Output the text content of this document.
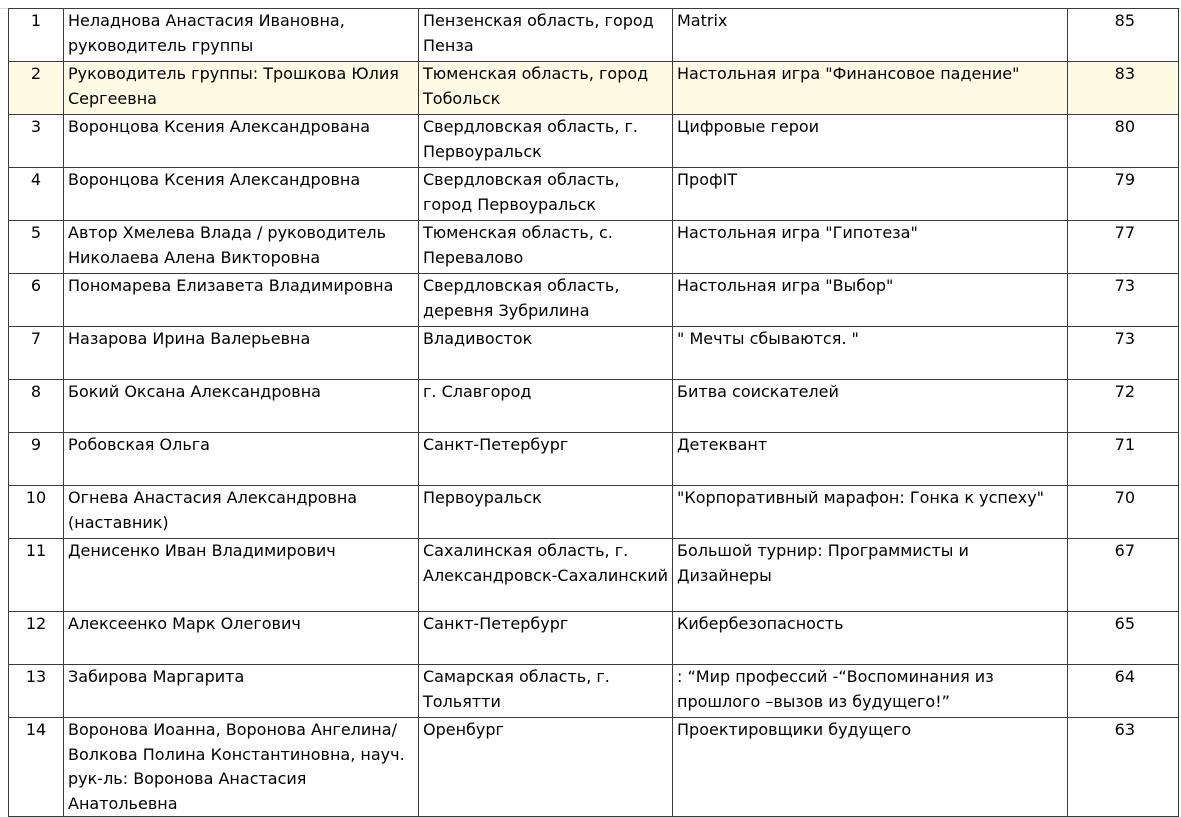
1	Неладнова Анастасия Ивановна, руководитель группы	Пензенская область, город Пенза	Matrix	85
2	Руководитель группы: Трошкова Юлия Сергеевна	Тюменская область, город Тобольск	Настольная игра "Финансовое падение"	83
3	Воронцова Ксения Александрована	Свердловская область, г. Первоуральск	Цифровые герои	80
4	Воронцова Ксения Александровна	Свердловская область, город Первоуральск	ПрофIT	79
5	Автор Хмелева Влада / руководитель Николаева Алена Викторовна	Тюменская область, с. Перевалово	Настольная игра "Гипотеза"	77
6	Пономарева Елизавета Владимировна	Свердловская область, деревня Зубрилина	Настольная игра "Выбор"	73
7	Назарова Ирина Валерьевна	Владивосток	" Мечты сбываются. "	73
8	Бокий Оксана Александровна	г. Славгород	Битва соискателей	72
9	Робовская Ольга	Санкт-Петербург	Детеквант	71
10	Огнева Анастасия Александровна (наставник)	Первоуральск	"Корпоративный марафон: Гонка к успеху"	70
11	Денисенко Иван Владимирович	Сахалинская область, г. Александровск-Сахалинский	Большой турнир: Программисты и Дизайнеры	67
12	Алексеенко Марк Олегович	Санкт-Петербург	Кибербезопасность	65
13	Забирова Маргарита	Самарская область, г. Тольятти	: “Мир профессий -“Воспоминания из прошлого –вызов из будущего!”	64
14	Воронова Иоанна, Воронова Ангелина/Волкова Полина Константиновна, науч. рук-ль: Воронова Анастасия Анатольевна	Оренбург	Проектировщики будущего	63
